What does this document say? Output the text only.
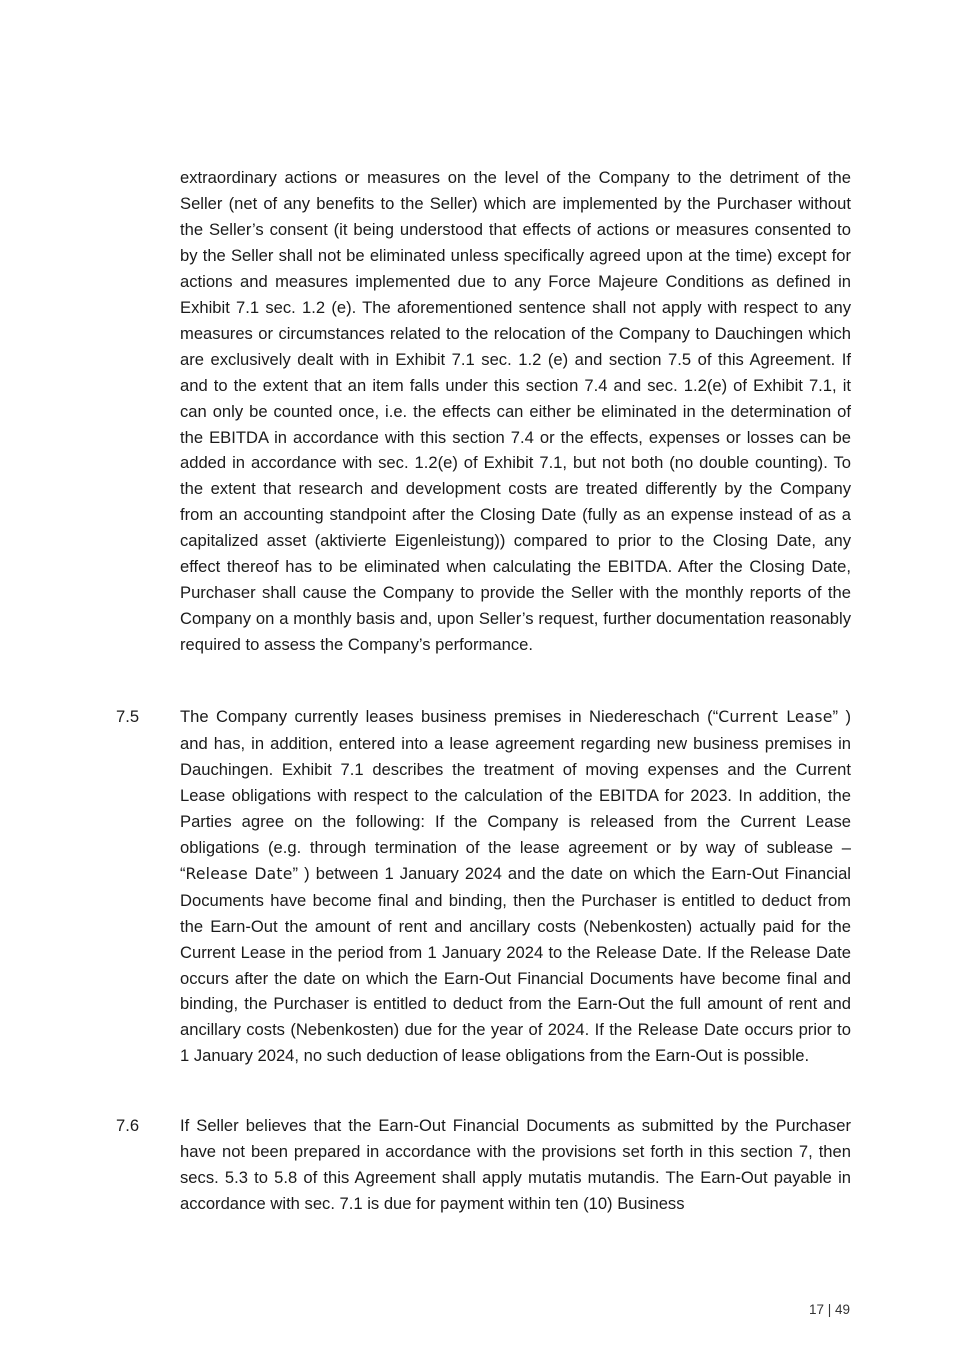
extraordinary actions or measures on the level of the Company to the detriment of the Seller (net of any benefits to the Seller) which are implemented by the Purchaser without the Seller’s consent (it being understood that effects of actions or measures consented to by the Seller shall not be eliminated unless specifically agreed upon at the time) except for actions and measures implemented due to any Force Majeure Conditions as defined in Exhibit 7.1 sec. 1.2 (e). The aforementioned sentence shall not apply with respect to any measures or circumstances related to the relocation of the Company to Dauchingen which are exclusively dealt with in Exhibit 7.1 sec. 1.2 (e) and section 7.5 of this Agreement. If and to the extent that an item falls under this section 7.4 and sec. 1.2(e) of Exhibit 7.1, it can only be counted once, i.e. the effects can either be eliminated in the determination of the EBITDA in accordance with this section 7.4 or the effects, expenses or losses can be added in accordance with sec. 1.2(e) of Exhibit 7.1, but not both (no double counting). To the extent that research and development costs are treated differently by the Company from an accounting standpoint after the Closing Date (fully as an expense instead of as a capitalized asset (aktivierte Eigenleistung)) compared to prior to the Closing Date, any effect thereof has to be eliminated when calculating the EBITDA. After the Closing Date, Purchaser shall cause the Company to provide the Seller with the monthly reports of the Company on a monthly basis and, upon Seller’s request, further documentation reasonably required to assess the Company’s performance.
7.5 The Company currently leases business premises in Niedereschach (“Current Lease” ) and has, in addition, entered into a lease agreement regarding new business premises in Dauchingen. Exhibit 7.1 describes the treatment of moving expenses and the Current Lease obligations with respect to the calculation of the EBITDA for 2023. In addition, the Parties agree on the following: If the Company is released from the Current Lease obligations (e.g. through termination of the lease agreement or by way of sublease – “Release Date” ) between 1 January 2024 and the date on which the Earn-Out Financial Documents have become final and binding, then the Purchaser is entitled to deduct from the Earn-Out the amount of rent and ancillary costs (Nebenkosten) actually paid for the Current Lease in the period from 1 January 2024 to the Release Date. If the Release Date occurs after the date on which the Earn-Out Financial Documents have become final and binding, the Purchaser is entitled to deduct from the Earn-Out the full amount of rent and ancillary costs (Nebenkosten) due for the year of 2024. If the Release Date occurs prior to 1 January 2024, no such deduction of lease obligations from the Earn-Out is possible.
7.6 If Seller believes that the Earn-Out Financial Documents as submitted by the Purchaser have not been prepared in accordance with the provisions set forth in this section 7, then secs. 5.3 to 5.8 of this Agreement shall apply mutatis mutandis. The Earn-Out payable in accordance with sec. 7.1 is due for payment within ten (10) Business
17 | 49
